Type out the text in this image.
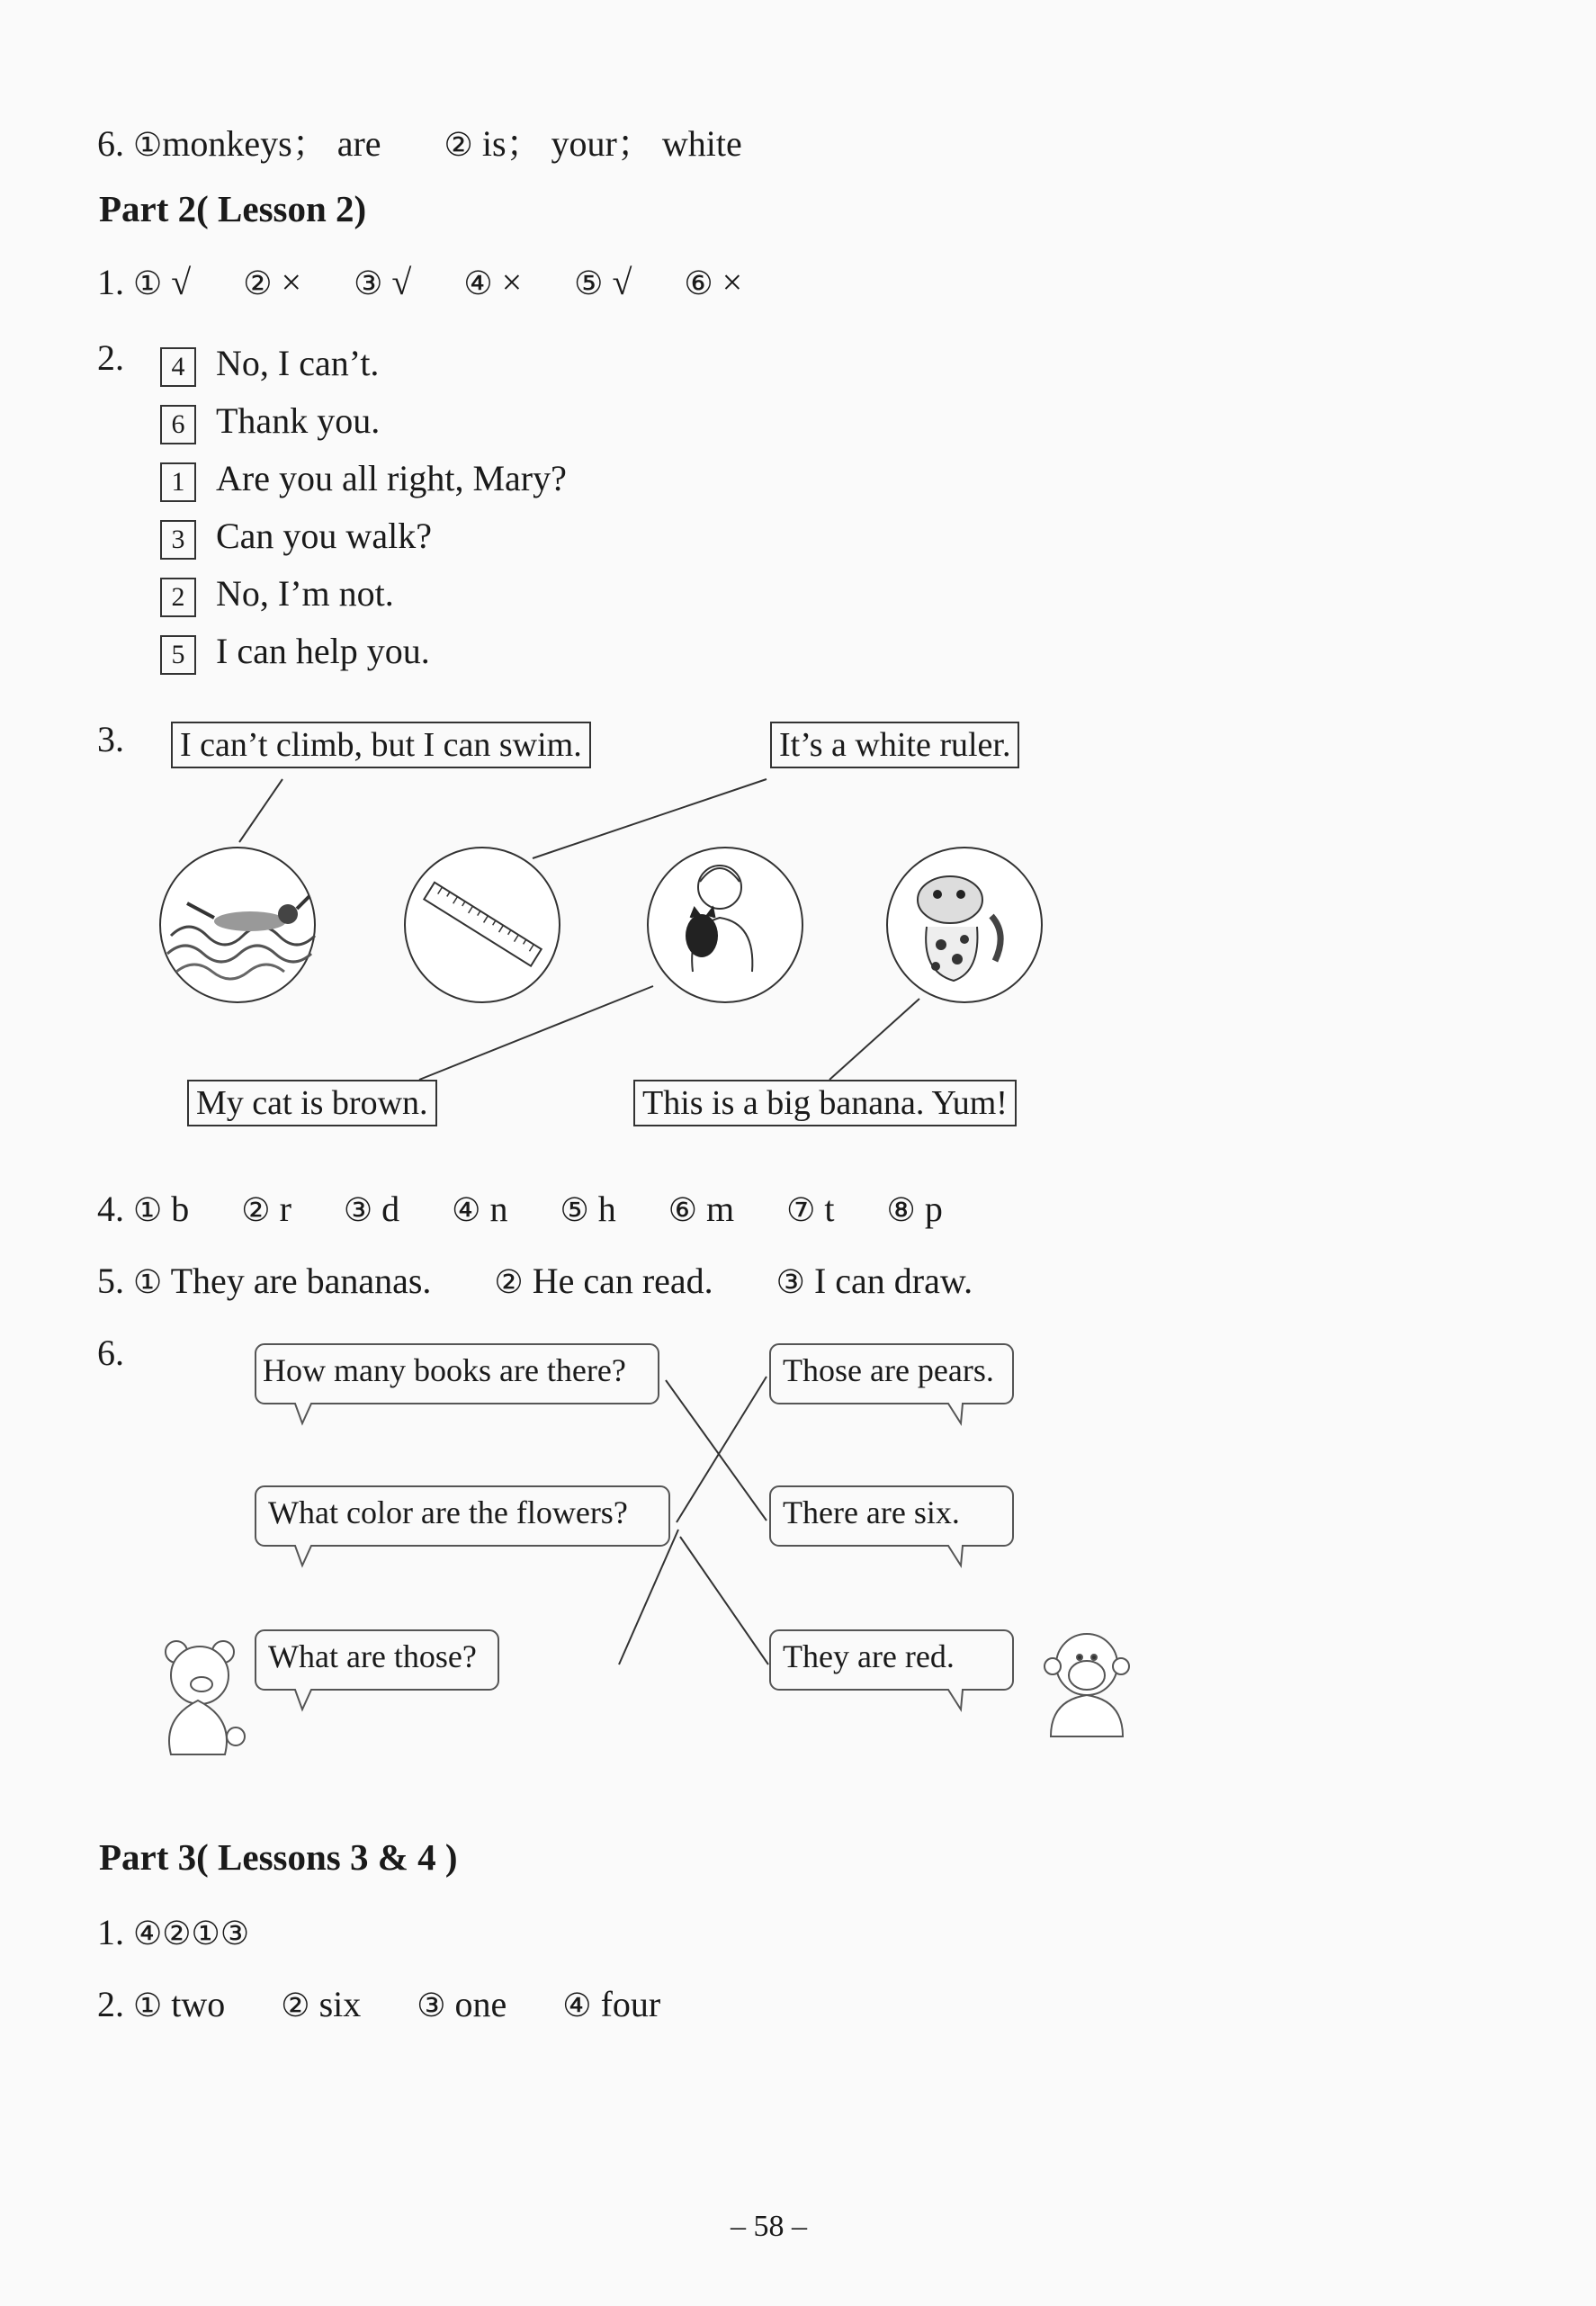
6. ①monkeys； are ② is； your； white
Part 2( Lesson 2)
1. ① √ ② × ③ √ ④ × ⑤ √ ⑥ ×
2.	4 No, I can’t.
6 Thank you.
1 Are you all right, Mary?
3 Can you walk?
2 No, I’m not.
5 I can help you.
3. I can’t climb, but I can swim.	It’s a white ruler.
My cat is brown.	This is a big banana. Yum!
6.	How many books are there?
What color are the flowers?
What are those?
Those are pears.
There are six.
They are red.
4. ① b ② r ③ d ④ n ⑤ h ⑥ m ⑦ t ⑧ p
5. ① They are bananas. ② He can read. ③ I can draw.
Part 3( Lessons 3 & 4 )
1. ④②①③
2. ① two ② six ③ one ④ four
– 58 –
